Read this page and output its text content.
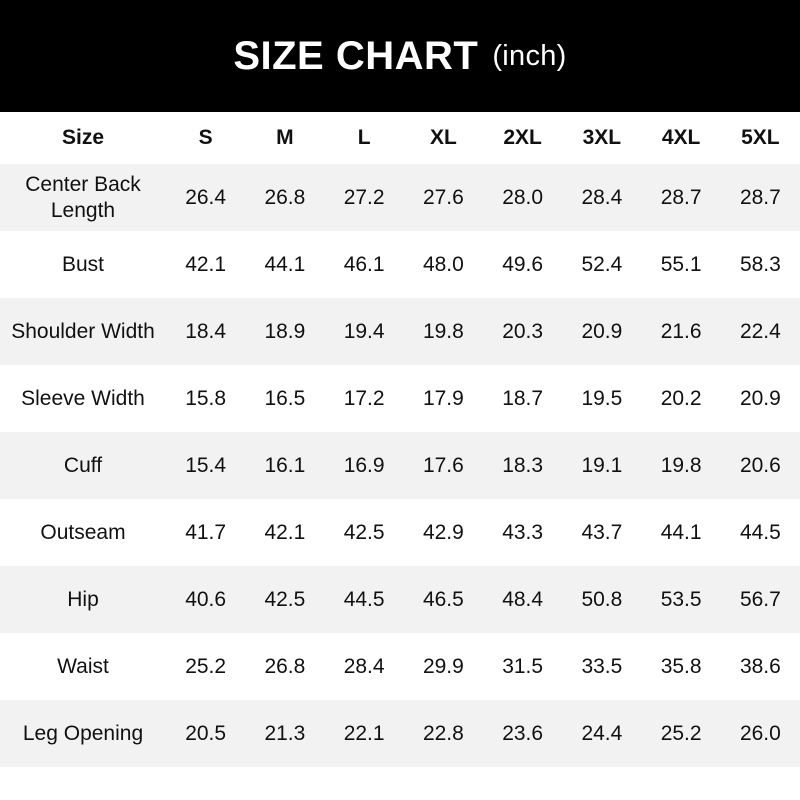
SIZE CHART (inch)
Size	S	M	L	XL	2XL	3XL	4XL	5XL
Center Back Length	26.4	26.8	27.2	27.6	28.0	28.4	28.7	28.7
Bust	42.1	44.1	46.1	48.0	49.6	52.4	55.1	58.3
Shoulder Width	18.4	18.9	19.4	19.8	20.3	20.9	21.6	22.4
Sleeve Width	15.8	16.5	17.2	17.9	18.7	19.5	20.2	20.9
Cuff	15.4	16.1	16.9	17.6	18.3	19.1	19.8	20.6
Outseam	41.7	42.1	42.5	42.9	43.3	43.7	44.1	44.5
Hip	40.6	42.5	44.5	46.5	48.4	50.8	53.5	56.7
Waist	25.2	26.8	28.4	29.9	31.5	33.5	35.8	38.6
Leg Opening	20.5	21.3	22.1	22.8	23.6	24.4	25.2	26.0
